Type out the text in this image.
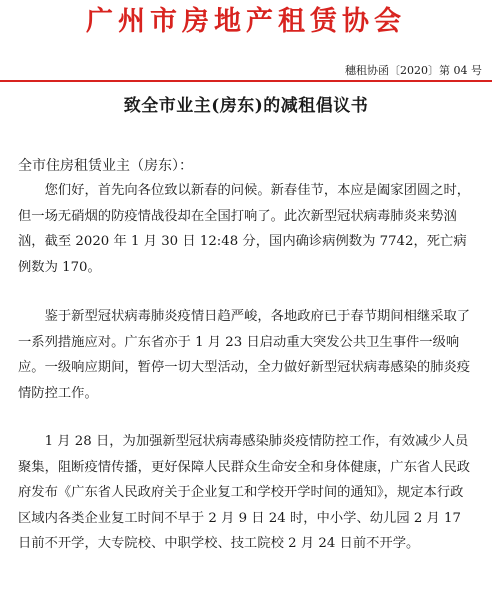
广州市房地产租赁协会
穗租协函〔2020〕第 04 号
致全市业主(房东)的减租倡议书
全市住房租赁业主（房东）：

您们好，首先向各位致以新春的问候。新春佳节，本应是阖家团圆之时，但一场无硝烟的防疫情战役却在全国打响了。此次新型冠状病毒肺炎来势汹汹，截至 2020 年 1 月 30 日 12:48 分，国内确诊病例数为 7742，死亡病例数为 170。

鉴于新型冠状病毒肺炎疫情日趋严峻，各地政府已于春节期间相继采取了一系列措施应对。广东省亦于 1 月 23 日启动重大突发公共卫生事件一级响应。一级响应期间，暂停一切大型活动，全力做好新型冠状病毒感染的肺炎疫情防控工作。

1 月 28 日，为加强新型冠状病毒感染肺炎疫情防控工作，有效减少人员聚集，阻断疫情传播，更好保障人民群众生命安全和身体健康，广东省人民政府发布《广东省人民政府关于企业复工和学校开学时间的通知》，规定本行政区域内各类企业复工时间不早于 2 月 9 日 24 时，中小学、幼儿园 2 月 17 日前不开学，大专院校、中职学校、技工院校 2 月 24 日前不开学。
